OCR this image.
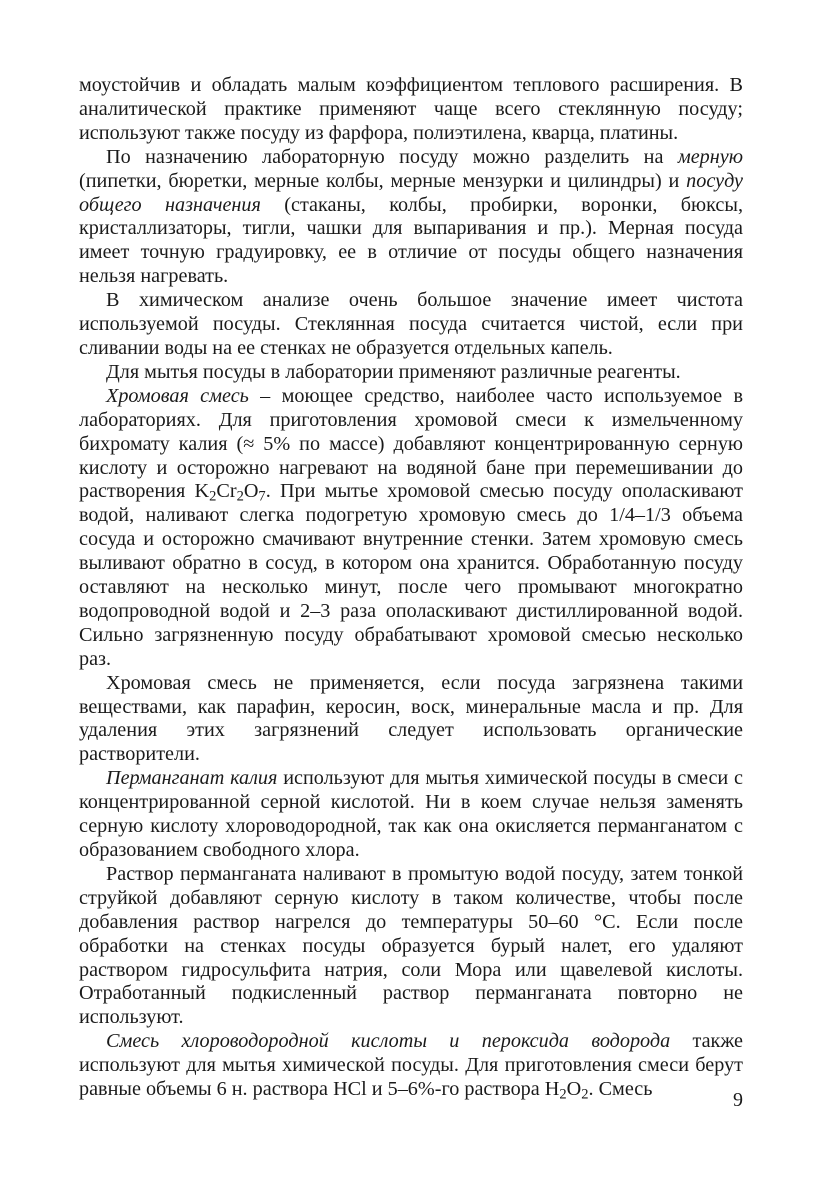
моустойчив и обладать малым коэффициентом теплового расширения. В аналитической практике применяют чаще всего стеклянную посуду; используют также посуду из фарфора, полиэтилена, кварца, платины.

По назначению лабораторную посуду можно разделить на мерную (пипетки, бюретки, мерные колбы, мерные мензурки и цилиндры) и посуду общего назначения (стаканы, колбы, пробирки, воронки, бюксы, кристаллизаторы, тигли, чашки для выпаривания и пр.). Мерная посуда имеет точную градуировку, ее в отличие от посуды общего назначения нельзя нагревать.

В химическом анализе очень большое значение имеет чистота используемой посуды. Стеклянная посуда считается чистой, если при сливании воды на ее стенках не образуется отдельных капель.

Для мытья посуды в лаборатории применяют различные реагенты.

Хромовая смесь – моющее средство, наиболее часто используемое в лабораториях. Для приготовления хромовой смеси к измельченному бихромату калия (≈ 5% по массе) добавляют концентрированную серную кислоту и осторожно нагревают на водяной бане при перемешивании до растворения $K_2Cr_2O_7$. При мытье хромовой смесью посуду ополаскивают водой, наливают слегка подогретую хромовую смесь до 1/4–1/3 объема сосуда и осторожно смачивают внутренние стенки. Затем хромовую смесь выливают обратно в сосуд, в котором она хранится. Обработанную посуду оставляют на несколько минут, после чего промывают многократно водопроводной водой и 2–3 раза ополаскивают дистиллированной водой. Сильно загрязненную посуду обрабатывают хромовой смесью несколько раз.

Хромовая смесь не применяется, если посуда загрязнена такими веществами, как парафин, керосин, воск, минеральные масла и пр. Для удаления этих загрязнений следует использовать органические растворители.

Перманганат калия используют для мытья химической посуды в смеси с концентрированной серной кислотой. Ни в коем случае нельзя заменять серную кислоту хлороводородной, так как она окисляется перманганатом с образованием свободного хлора.

Раствор перманганата наливают в промытую водой посуду, затем тонкой струйкой добавляют серную кислоту в таком количестве, чтобы после добавления раствор нагрелся до температуры 50–60 °С. Если после обработки на стенках посуды образуется бурый налет, его удаляют раствором гидросульфита натрия, соли Мора или щавелевой кислоты. Отработанный подкисленный раствор перманганата повторно не используют.

Смесь хлороводородной кислоты и пероксида водорода также используют для мытья химической посуды. Для приготовления смеси берут равные объемы 6 н. раствора HCl и 5–6%-го раствора $H_2O_2$. Смесь	9
